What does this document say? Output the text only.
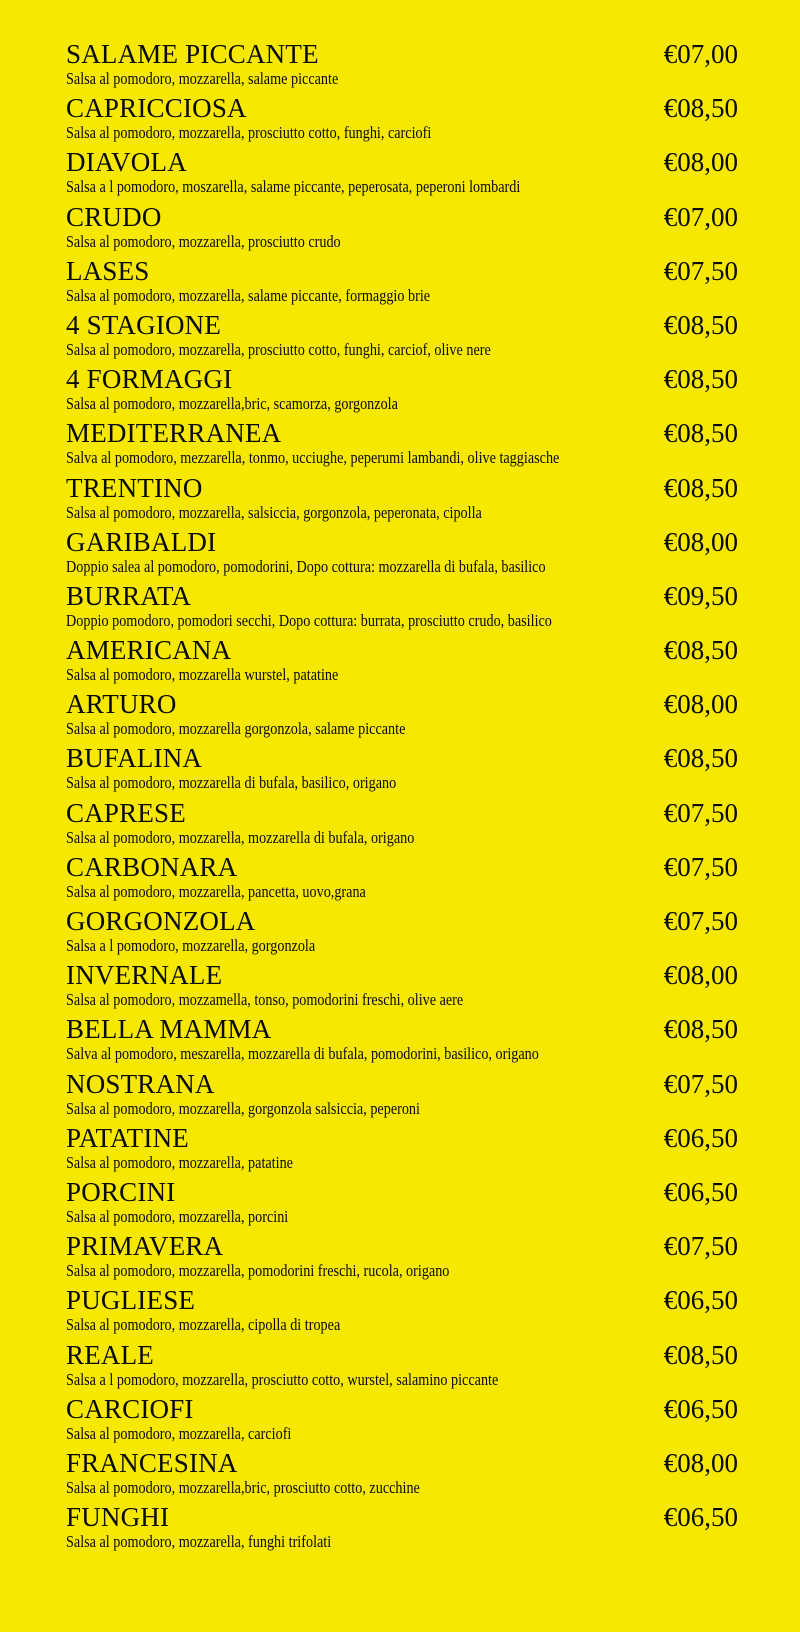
SALAME PICCANTE	€07,00
Salsa al pomodoro, mozzarella, salame piccante
CAPRICCIOSA	€08,50
Salsa al pomodoro, mozzarella, prosciutto cotto, funghi, carciofi
DIAVOLA	€08,00
Salsa a l pomodoro, moszarella, salame piccante, peperosata, peperoni lombardi
CRUDO	€07,00
Salsa al pomodoro, mozzarella, prosciutto crudo
LASES	€07,50
Salsa al pomodoro, mozzarella, salame piccante, formaggio brie
4 STAGIONE	€08,50
Salsa al pomodoro, mozzarella, prosciutto cotto, funghi, carciof, olive nere
4 FORMAGGI	€08,50
Salsa al pomodoro, mozzarella,bric, scamorza, gorgonzola
MEDITERRANEA	€08,50
Salva al pomodoro, mezzarella, tonmo, ucciughe, peperumi lambandi, olive taggiasche
TRENTINO	€08,50
Salsa al pomodoro, mozzarella, salsiccia, gorgonzola, peperonata, cipolla
GARIBALDI	€08,00
Doppio salea al pomodoro, pomodorini, Dopo cottura: mozzarella di bufala, basilico
BURRATA	€09,50
Doppio pomodoro, pomodori secchi, Dopo cottura: burrata, prosciutto crudo, basilico
AMERICANA	€08,50
Salsa al pomodoro, mozzarella wurstel, patatine
ARTURO	€08,00
Salsa al pomodoro, mozzarella gorgonzola, salame piccante
BUFALINA	€08,50
Salsa al pomodoro, mozzarella di bufala, basilico, origano
CAPRESE	€07,50
Salsa al pomodoro, mozzarella, mozzarella di bufala, origano
CARBONARA	€07,50
Salsa al pomodoro, mozzarella, pancetta, uovo,grana
GORGONZOLA	€07,50
Salsa a l pomodoro, mozzarella, gorgonzola
INVERNALE	€08,00
Salsa al pomodoro, mozzamella, tonso, pomodorini freschi, olive aere
BELLA MAMMA	€08,50
Salva al pomodoro, meszarella, mozzarella di bufala, pomodorini, basilico, origano
NOSTRANA	€07,50
Salsa al pomodoro, mozzarella, gorgonzola salsiccia, peperoni
PATATINE	€06,50
Salsa al pomodoro, mozzarella, patatine
PORCINI	€06,50
Salsa al pomodoro, mozzarella, porcini
PRIMAVERA	€07,50
Salsa al pomodoro, mozzarella, pomodorini freschi, rucola, origano
PUGLIESE	€06,50
Salsa al pomodoro, mozzarella, cipolla di tropea
REALE	€08,50
Salsa a l pomodoro, mozzarella, prosciutto cotto, wurstel, salamino piccante
CARCIOFI	€06,50
Salsa al pomodoro, mozzarella, carciofi
FRANCESINA	€08,00
Salsa al pomodoro, mozzarella,bric, prosciutto cotto, zucchine
FUNGHI	€06,50
Salsa al pomodoro, mozzarella, funghi trifolati
